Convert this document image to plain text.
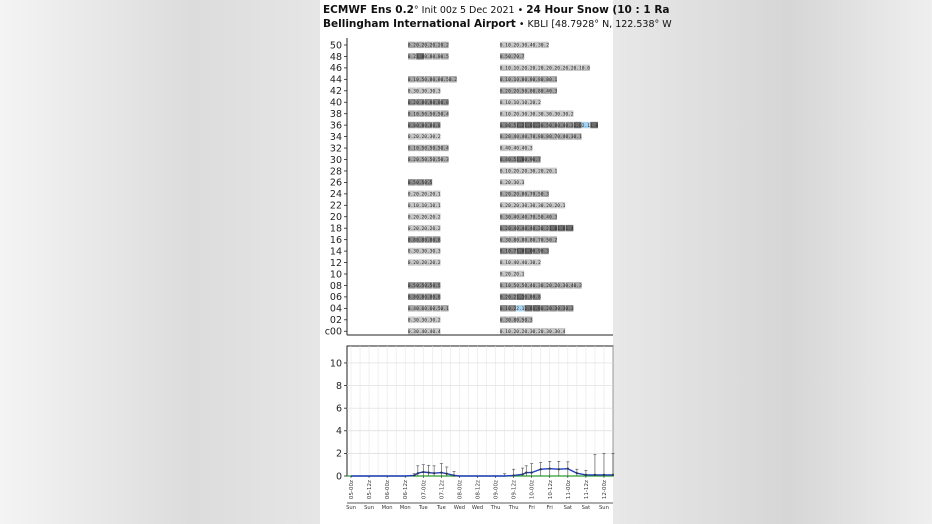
ECMWF Ens 0.2° Init 00z 5 Dec 2021 • 24 Hour Snow (10 : 1 Ra
Bellingham International Airport • KBLI [48.7928° N, 122.538° W
50
48
46
44
42
40
38
36
34
32
30
28
26
24
22
20
18
16
14
12
10
08
06
04
02
c00
0.2 0.2 0.2 0.2 0.2	0.1 0.2 0.3 0.4 0.3 0.2
0.2 1.0 0.8 0.8 0.5	0.5 0.7 0.7
0.1 0.1 0.2 0.2 0.2 0.2 0.2 0.2 0.2 0.1 0.0
0.1 0.5 0.8 0.8 0.5 0.2	0.1 0.1 0.8 0.8 0.8 0.8 0.1
0.3 0.3 0.3 0.3	0.2 0.2 0.5 0.8 0.8 0.4 0.3
0.2 0.8 0.8 0.8 0.8	0.1 0.1 0.1 0.2 0.2
0.1 0.5 0.5 0.5 0.4	0.1 0.2 0.3 0.3 0.3 0.3 0.3 0.3 0.2
0.8 0.8 0.8 0.8	0.8 0.5 1.2 1.0 1.3 0.5 0.8 0.4 0.3 1.0 2.1 1.8
0.2 0.2 0.3 0.2	0.2 0.4 0.4 0.7 0.8 0.8 0.7 0.4 0.3 0.1
0.1 0.5 0.5 0.5 0.4	0.4 0.4 0.4 0.3
0.2 0.5 0.5 0.5 0.3	0.4 0.5 1.0 0.9 0.7
0.1 0.2 0.2 0.3 0.2 0.2 0.1
0.5 0.5 0.5	0.2 0.3 0.3
0.2 0.2 0.2 0.1	0.2 0.2 0.8 0.7 0.5 0.3
0.1 0.1 0.1 0.1	0.2 0.2 0.3 0.3 0.3 0.2 0.2 0.1
0.2 0.2 0.2 0.2	0.3 0.4 0.4 0.7 0.5 0.4 0.3
0.2 0.2 0.2 0.2	0.2 0.4 0.4 0.4 0.3 0.2 1.0 1.8 1.4
0.8 0.8 0.8 0.8	0.3 0.8 0.8 0.8 0.7 0.5 0.2
0.3 0.3 0.3 0.3	0.1 0.7 1.0 1.0 0.9 0.3
0.2 0.2 0.2 0.2	0.1 0.4 0.4 0.3 0.2
0.2 0.2 0.1
0.5 0.5 0.5 0.5	0.1 0.5 0.5 0.4 0.3 0.2 0.2 0.3 0.4 0.3
0.8 0.8 0.8 0.8	0.2 0.2 1.1 0.8 0.8
0.4 0.6 0.6 0.5 0.1	0.1 0.2 2.1 1.8 1.8 0.2 0.3 0.3 0.3
0.3 0.3 0.3 0.2	0.3 0.8 0.5 0.3
0.3 0.4 0.4 0.4	0.1 0.2 0.2 0.3 0.2 0.3 0.3 0.4
10
8
6
4
2
0
05-00z 05-12z 06-00z 06-12z 07-00z 07-12z 08-00z 08-12z 09-00z 09-12z 10-00z 10-12z 11-00z 11-12z 12-00z
Sun Sun Mon Mon Tue Tue Wed Wed Thu Thu Fri Fri Sat Sat Sun
